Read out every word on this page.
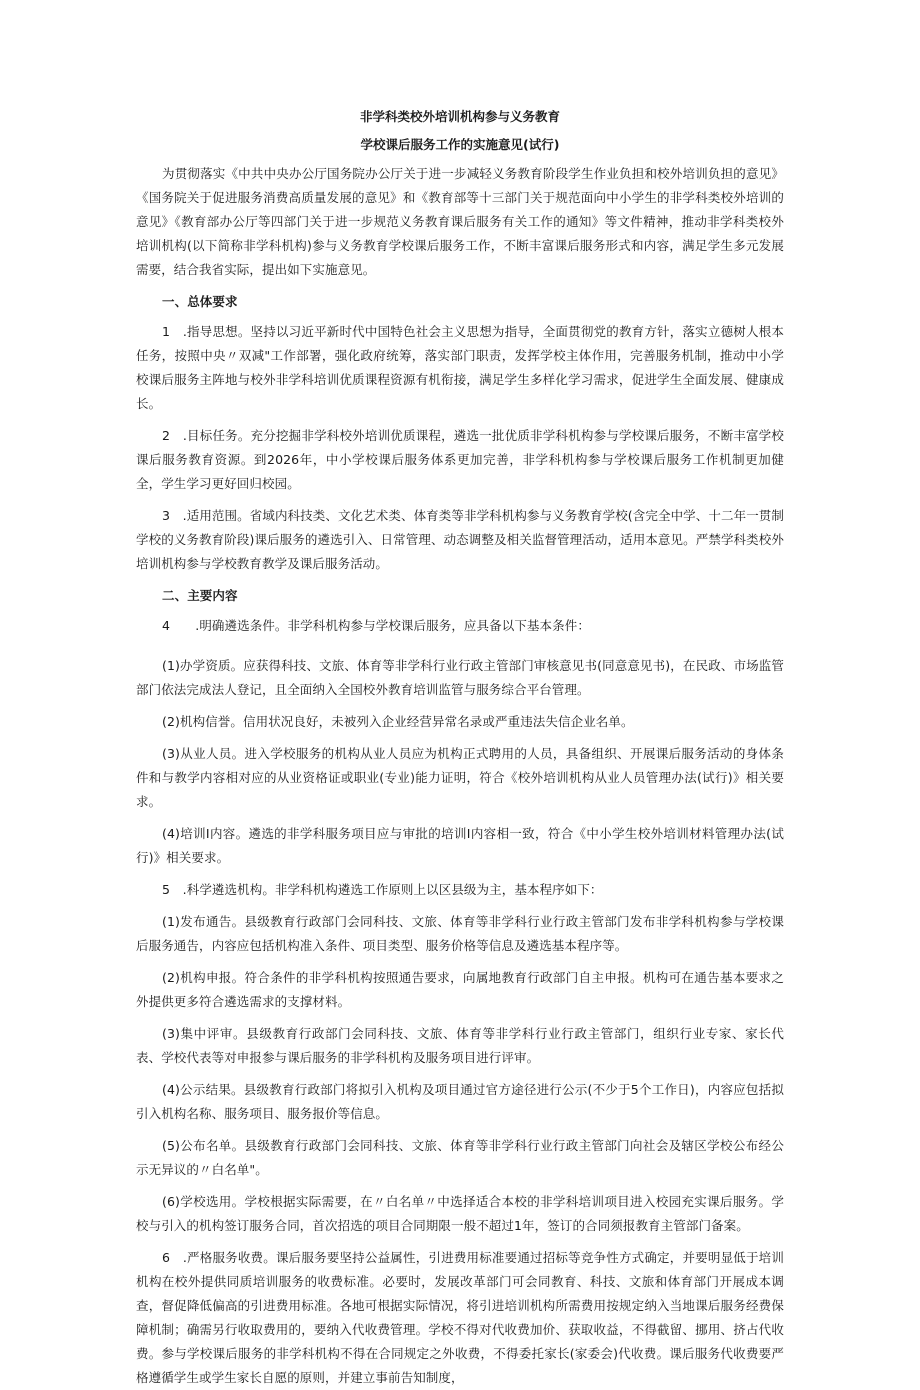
非学科类校外培训机构参与义务教育
学校课后服务工作的实施意见(试行)

为贯彻落实《中共中央办公厅国务院办公厅关于进一步减轻义务教育阶段学生作业负担和校外培训负担的意见》《国务院关于促进服务消费高质量发展的意见》和《教育部等十三部门关于规范面向中小学生的非学科类校外培训的意见》《教育部办公厅等四部门关于进一步规范义务教育课后服务有关工作的通知》等文件精神，推动非学科类校外培训机构(以下简称非学科机构)参与义务教育学校课后服务工作，不断丰富课后服务形式和内容，满足学生多元发展需要，结合我省实际，提出如下实施意见。

一、总体要求

1　.指导思想。坚持以习近平新时代中国特色社会主义思想为指导，全面贯彻党的教育方针，落实立德树人根本任务，按照中央〃双减"工作部署，强化政府统筹，落实部门职责，发挥学校主体作用，完善服务机制，推动中小学校课后服务主阵地与校外非学科培训优质课程资源有机衔接，满足学生多样化学习需求，促进学生全面发展、健康成长。

2　.目标任务。充分挖掘非学科校外培训优质课程，遴选一批优质非学科机构参与学校课后服务，不断丰富学校课后服务教育资源。到2026年，中小学校课后服务体系更加完善，非学科机构参与学校课后服务工作机制更加健全，学生学习更好回归校园。

3　.适用范围。省域内科技类、文化艺术类、体育类等非学科机构参与义务教育学校(含完全中学、十二年一贯制学校的义务教育阶段)课后服务的遴选引入、日常管理、动态调整及相关监督管理活动，适用本意见。严禁学科类校外培训机构参与学校教育教学及课后服务活动。

二、主要内容

4　　.明确遴选条件。非学科机构参与学校课后服务，应具备以下基本条件：

(1)办学资质。应获得科技、文旅、体育等非学科行业行政主管部门审核意见书(同意意见书)，在民政、市场监管部门依法完成法人登记，且全面纳入全国校外教育培训监管与服务综合平台管理。

(2)机构信誉。信用状况良好，未被列入企业经营异常名录或严重违法失信企业名单。

(3)从业人员。进入学校服务的机构从业人员应为机构正式聘用的人员，具备组织、开展课后服务活动的身体条件和与教学内容相对应的从业资格证或职业(专业)能力证明，符合《校外培训机构从业人员管理办法(试行)》相关要求。

(4)培训I内容。遴选的非学科服务项目应与审批的培训I内容相一致，符合《中小学生校外培训材料管理办法(试行)》相关要求。

5　.科学遴选机构。非学科机构遴选工作原则上以区县级为主，基本程序如下：

(1)发布通告。县级教育行政部门会同科技、文旅、体育等非学科行业行政主管部门发布非学科机构参与学校课后服务通告，内容应包括机构准入条件、项目类型、服务价格等信息及遴选基本程序等。

(2)机构申报。符合条件的非学科机构按照通告要求，向属地教育行政部门自主申报。机构可在通告基本要求之外提供更多符合遴选需求的支撑材料。

(3)集中评审。县级教育行政部门会同科技、文旅、体育等非学科行业行政主管部门，组织行业专家、家长代表、学校代表等对申报参与课后服务的非学科机构及服务项目进行评审。

(4)公示结果。县级教育行政部门将拟引入机构及项目通过官方途径进行公示(不少于5个工作日)，内容应包括拟引入机构名称、服务项目、服务报价等信息。

(5)公布名单。县级教育行政部门会同科技、文旅、体育等非学科行业行政主管部门向社会及辖区学校公布经公示无异议的〃白名单"。

(6)学校选用。学校根据实际需要，在〃白名单〃中选择适合本校的非学科培训项目进入校园充实课后服务。学校与引入的机构签订服务合同，首次招选的项目合同期限一般不超过1年，签订的合同须报教育主管部门备案。

6　.严格服务收费。课后服务要坚持公益属性，引进费用标准要通过招标等竞争性方式确定，并要明显低于培训机构在校外提供同质培训服务的收费标准。必要时，发展改革部门可会同教育、科技、文旅和体育部门开展成本调查，督促降低偏高的引进费用标准。各地可根据实际情况，将引进培训机构所需费用按规定纳入当地课后服务经费保障机制；确需另行收取费用的，要纳入代收费管理。学校不得对代收费加价、获取收益，不得截留、挪用、挤占代收费。参与学校课后服务的非学科机构不得在合同规定之外收费，不得委托家长(家委会)代收费。课后服务代收费要严格遵循学生或学生家长自愿的原则，并建立事前告知制度，
